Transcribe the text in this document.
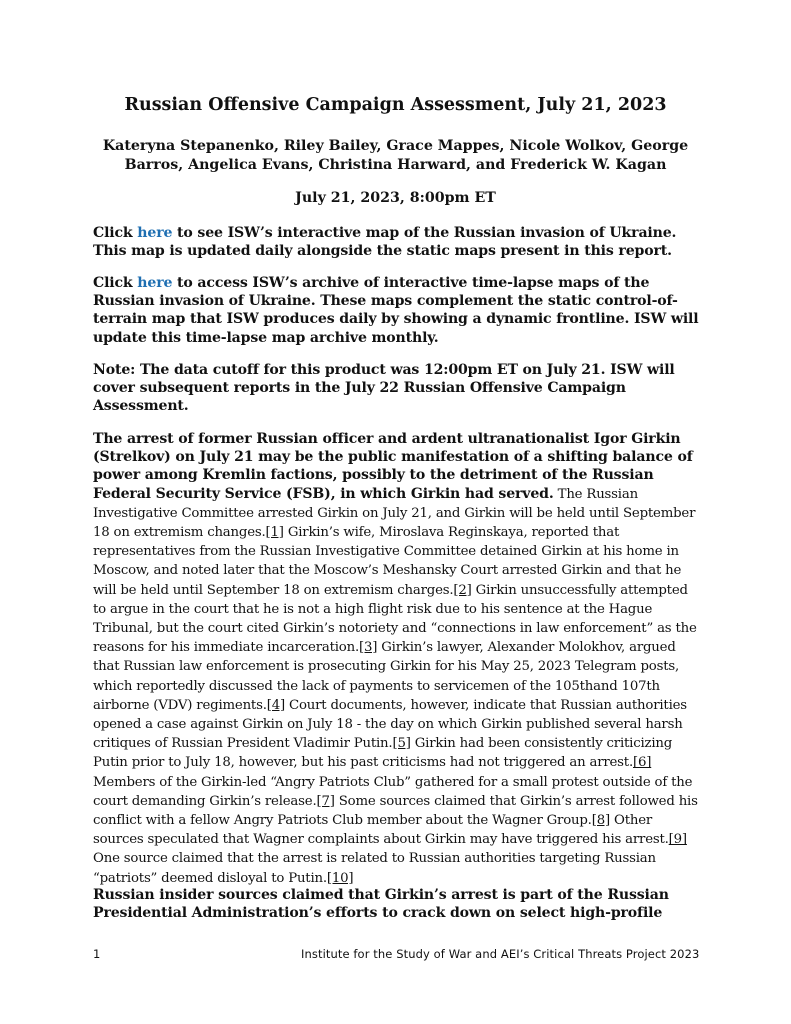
Russian Offensive Campaign Assessment, July 21, 2023
Kateryna Stepanenko, Riley Bailey, Grace Mappes, Nicole Wolkov, George Barros, Angelica Evans, Christina Harward, and Frederick W. Kagan
July 21, 2023, 8:00pm ET
Click here to see ISW’s interactive map of the Russian invasion of Ukraine. This map is updated daily alongside the static maps present in this report.
Click here to access ISW’s archive of interactive time-lapse maps of the Russian invasion of Ukraine. These maps complement the static control-of-terrain map that ISW produces daily by showing a dynamic frontline. ISW will update this time-lapse map archive monthly.
Note: The data cutoff for this product was 12:00pm ET on July 21. ISW will cover subsequent reports in the July 22 Russian Offensive Campaign Assessment.
The arrest of former Russian officer and ardent ultranationalist Igor Girkin (Strelkov) on July 21 may be the public manifestation of a shifting balance of power among Kremlin factions, possibly to the detriment of the Russian Federal Security Service (FSB), in which Girkin had served. The Russian Investigative Committee arrested Girkin on July 21, and Girkin will be held until September 18 on extremism changes.[1] Girkin’s wife, Miroslava Reginskaya, reported that representatives from the Russian Investigative Committee detained Girkin at his home in Moscow, and noted later that the Moscow’s Meshansky Court arrested Girkin and that he will be held until September 18 on extremism charges.[2] Girkin unsuccessfully attempted to argue in the court that he is not a high flight risk due to his sentence at the Hague Tribunal, but the court cited Girkin’s notoriety and “connections in law enforcement” as the reasons for his immediate incarceration.[3] Girkin’s lawyer, Alexander Molokhov, argued that Russian law enforcement is prosecuting Girkin for his May 25, 2023 Telegram posts, which reportedly discussed the lack of payments to servicemen of the 105thand 107th airborne (VDV) regiments.[4] Court documents, however, indicate that Russian authorities opened a case against Girkin on July 18 - the day on which Girkin published several harsh critiques of Russian President Vladimir Putin.[5] Girkin had been consistently criticizing Putin prior to July 18, however, but his past criticisms had not triggered an arrest.[6] Members of the Girkin-led “Angry Patriots Club” gathered for a small protest outside of the court demanding Girkin’s release.[7] Some sources claimed that Girkin’s arrest followed his conflict with a fellow Angry Patriots Club member about the Wagner Group.[8] Other sources speculated that Wagner complaints about Girkin may have triggered his arrest.[9] One source claimed that the arrest is related to Russian authorities targeting Russian “patriots” deemed disloyal to Putin.[10]
Russian insider sources claimed that Girkin’s arrest is part of the Russian Presidential Administration’s efforts to crack down on select high-profile
1	Institute for the Study of War and AEI’s Critical Threats Project 2023
